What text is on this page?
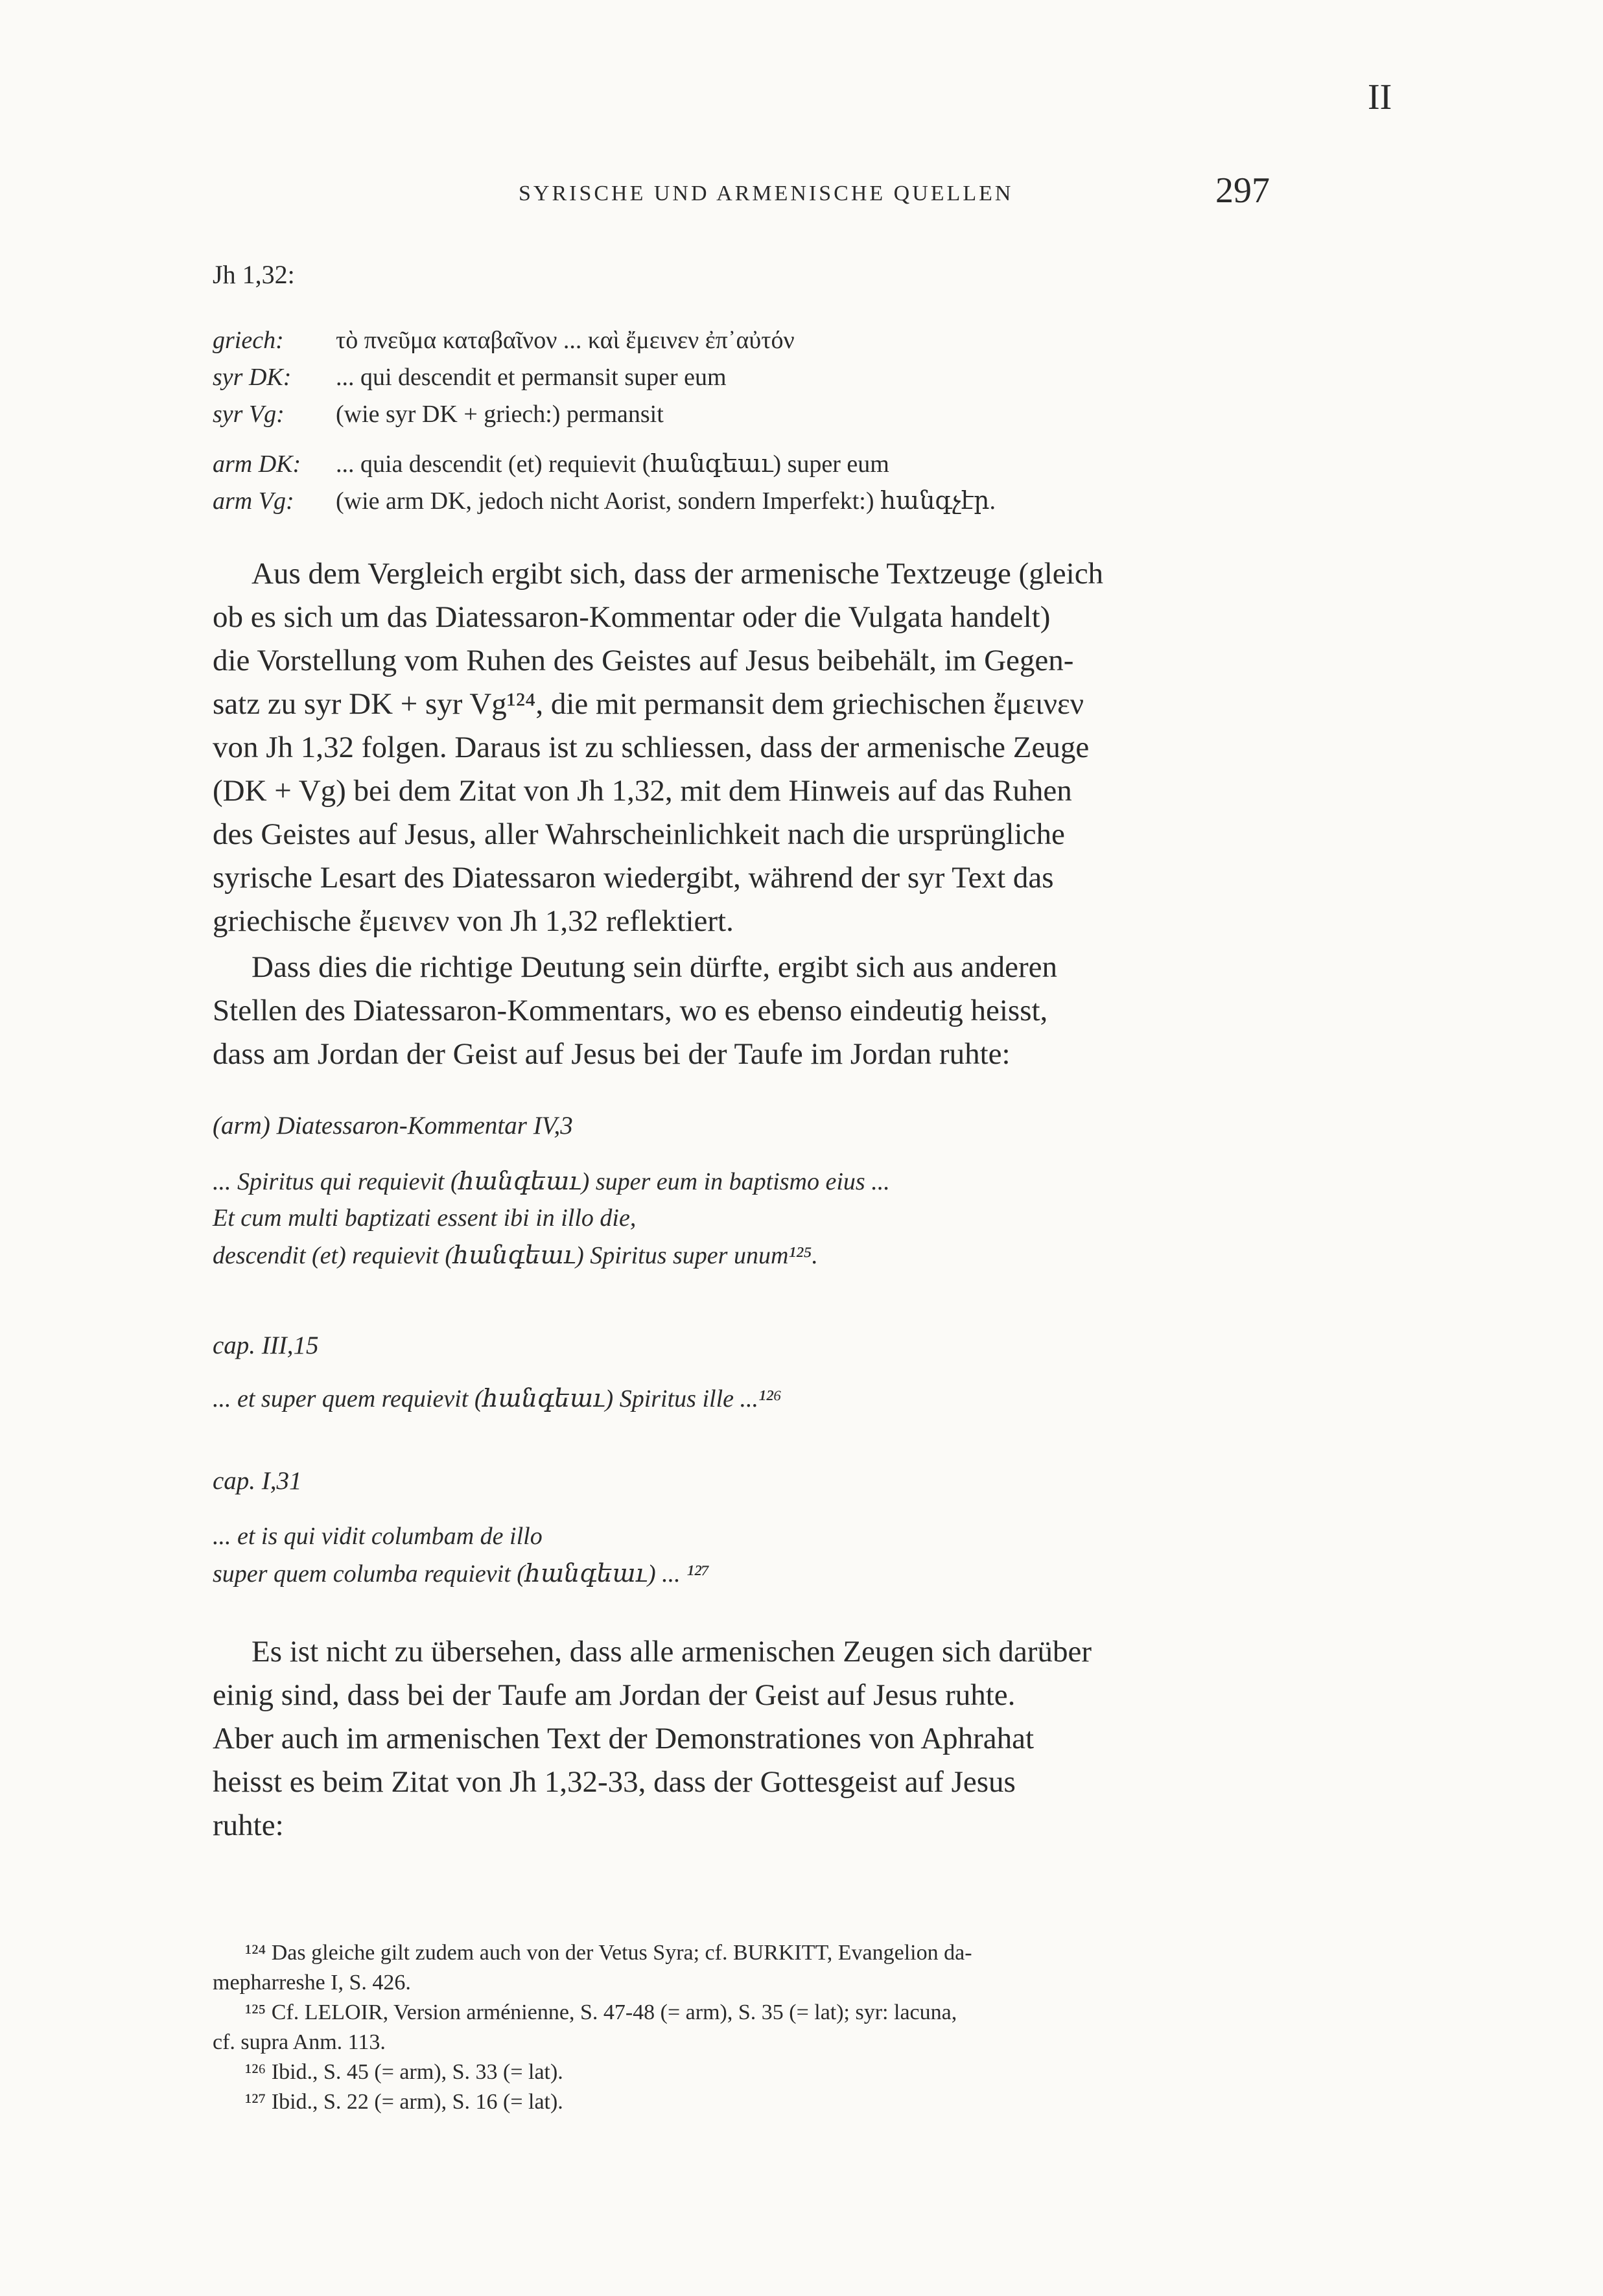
II
SYRISCHE UND ARMENISCHE QUELLEN	297
Jh 1,32:
griech: τὸ πνεῦμα καταβαῖνον ... καὶ ἔμεινεν ἐπ᾽αὐτόν
syr DK: ... qui descendit et permansit super eum
syr Vg: (wie syr DK + griech:) permansit
arm DK: ... quia descendit (et) requievit (հանգեաւ) super eum
arm Vg: (wie arm DK, jedoch nicht Aorist, sondern Imperfekt:) հանգչէր.
Aus dem Vergleich ergibt sich, dass der armenische Textzeuge (gleich
ob es sich um das Diatessaron-Kommentar oder die Vulgata handelt)
die Vorstellung vom Ruhen des Geistes auf Jesus beibehält, im Gegen-
satz zu syr DK + syr Vg¹²⁴, die mit permansit dem griechischen ἔμεινεν
von Jh 1,32 folgen. Daraus ist zu schliessen, dass der armenische Zeuge
(DK + Vg) bei dem Zitat von Jh 1,32, mit dem Hinweis auf das Ruhen
des Geistes auf Jesus, aller Wahrscheinlichkeit nach die ursprüngliche
syrische Lesart des Diatessaron wiedergibt, während der syr Text das
griechische ἔμεινεν von Jh 1,32 reflektiert.
Dass dies die richtige Deutung sein dürfte, ergibt sich aus anderen
Stellen des Diatessaron-Kommentars, wo es ebenso eindeutig heisst,
dass am Jordan der Geist auf Jesus bei der Taufe im Jordan ruhte:
(arm) Diatessaron-Kommentar IV,3
... Spiritus qui requievit (հանգեաւ) super eum in baptismo eius ...
Et cum multi baptizati essent ibi in illo die,
descendit (et) requievit (հանգեաւ) Spiritus super unum¹²⁵.
cap. III,15
... et super quem requievit (հանգեաւ) Spiritus ille ...¹²⁶
cap. I,31
... et is qui vidit columbam de illo
super quem columba requievit (հանգեաւ) ... ¹²⁷
Es ist nicht zu übersehen, dass alle armenischen Zeugen sich darüber
einig sind, dass bei der Taufe am Jordan der Geist auf Jesus ruhte.
Aber auch im armenischen Text der Demonstrationes von Aphrahat
heisst es beim Zitat von Jh 1,32-33, dass der Gottesgeist auf Jesus
ruhte:
¹²⁴ Das gleiche gilt zudem auch von der Vetus Syra; cf. BURKITT, Evangelion da-
mepharreshe I, S. 426.
¹²⁵ Cf. LELOIR, Version arménienne, S. 47-48 (= arm), S. 35 (= lat); syr: lacuna,
cf. supra Anm. 113.
¹²⁶ Ibid., S. 45 (= arm), S. 33 (= lat).
¹²⁷ Ibid., S. 22 (= arm), S. 16 (= lat).
